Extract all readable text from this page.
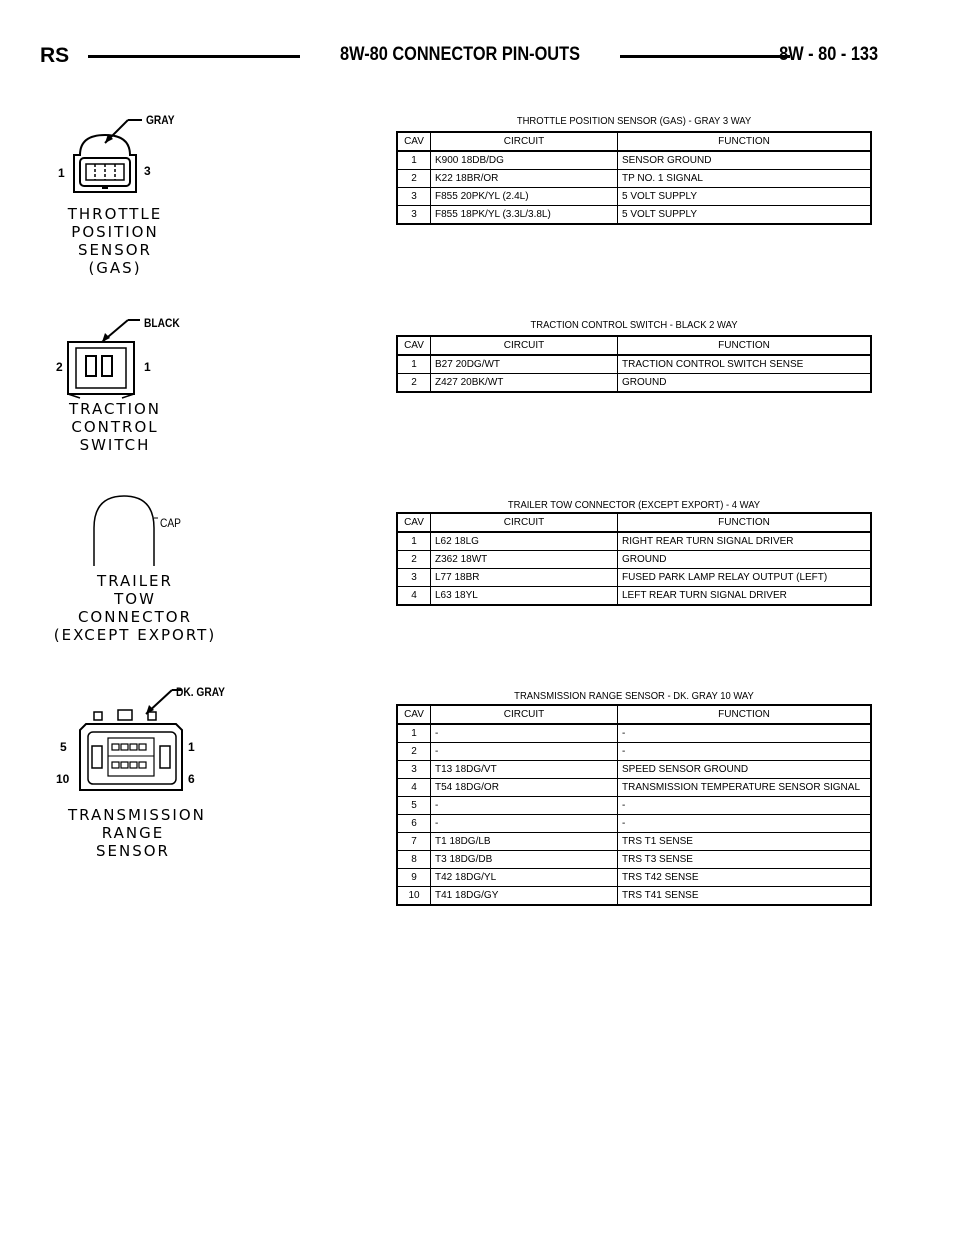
RS	8W-80 CONNECTOR PIN-OUTS	8W - 80 - 133
GRAY
1	3
THROTTLE
POSITION
SENSOR
(GAS)
THROTTLE POSITION SENSOR (GAS) - GRAY 3 WAY
CAV	CIRCUIT	FUNCTION
1	K900 18DB/DG	SENSOR GROUND
2	K22 18BR/OR	TP NO. 1 SIGNAL
3	F855 20PK/YL (2.4L)	5 VOLT SUPPLY
3	F855 18PK/YL (3.3L/3.8L)	5 VOLT SUPPLY
BLACK
2	1
TRACTION
CONTROL
SWITCH
TRACTION CONTROL SWITCH - BLACK 2 WAY
CAV	CIRCUIT	FUNCTION
1	B27 20DG/WT	TRACTION CONTROL SWITCH SENSE
2	Z427 20BK/WT	GROUND
CAP
TRAILER
TOW
CONNECTOR
(EXCEPT EXPORT)
TRAILER TOW CONNECTOR (EXCEPT EXPORT) - 4 WAY
CAV	CIRCUIT	FUNCTION
1	L62 18LG	RIGHT REAR TURN SIGNAL DRIVER
2	Z362 18WT	GROUND
3	L77 18BR	FUSED PARK LAMP RELAY OUTPUT (LEFT)
4	L63 18YL	LEFT REAR TURN SIGNAL DRIVER
DK. GRAY
5
10
1
6
TRANSMISSION
RANGE
SENSOR
TRANSMISSION RANGE SENSOR - DK. GRAY 10 WAY
CAV	CIRCUIT	FUNCTION
1	-	-
2	-	-
3	T13 18DG/VT	SPEED SENSOR GROUND
4	T54 18DG/OR	TRANSMISSION TEMPERATURE SENSOR SIGNAL
5	-	-
6	-	-
7	T1 18DG/LB	TRS T1 SENSE
8	T3 18DG/DB	TRS T3 SENSE
9	T42 18DG/YL	TRS T42 SENSE
10	T41 18DG/GY	TRS T41 SENSE
